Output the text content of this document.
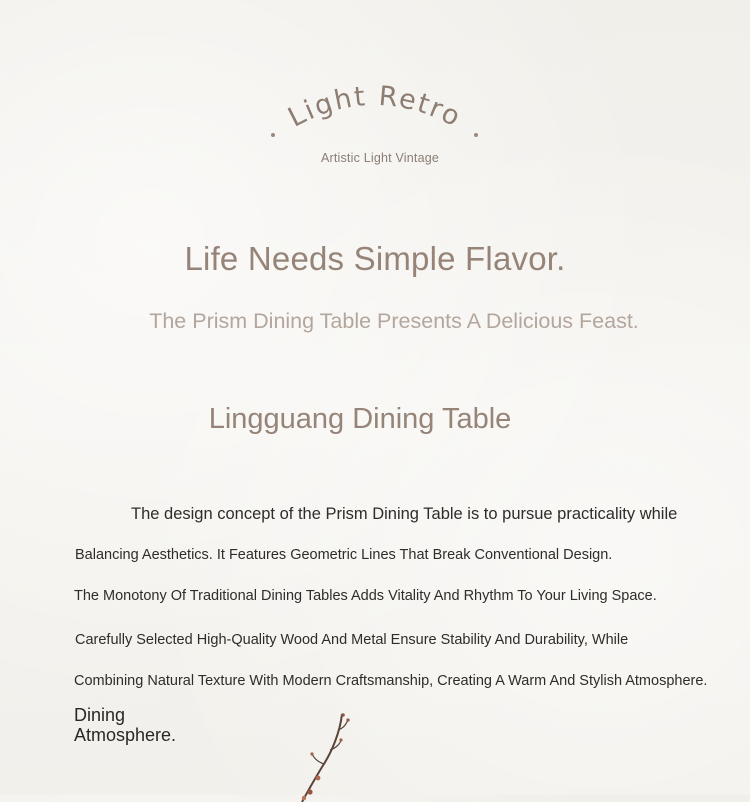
Light Retro
Artistic Light Vintage
Life Needs Simple Flavor.
The Prism Dining Table Presents A Delicious Feast.
Lingguang Dining Table
The design concept of the Prism Dining Table is to pursue practicality while
Balancing Aesthetics. It Features Geometric Lines That Break Conventional Design.
The Monotony Of Traditional Dining Tables Adds Vitality And Rhythm To Your Living Space.
Carefully Selected High-Quality Wood And Metal Ensure Stability And Durability, While
Combining Natural Texture With Modern Craftsmanship, Creating A Warm And Stylish Atmosphere.
Dining Atmosphere.
